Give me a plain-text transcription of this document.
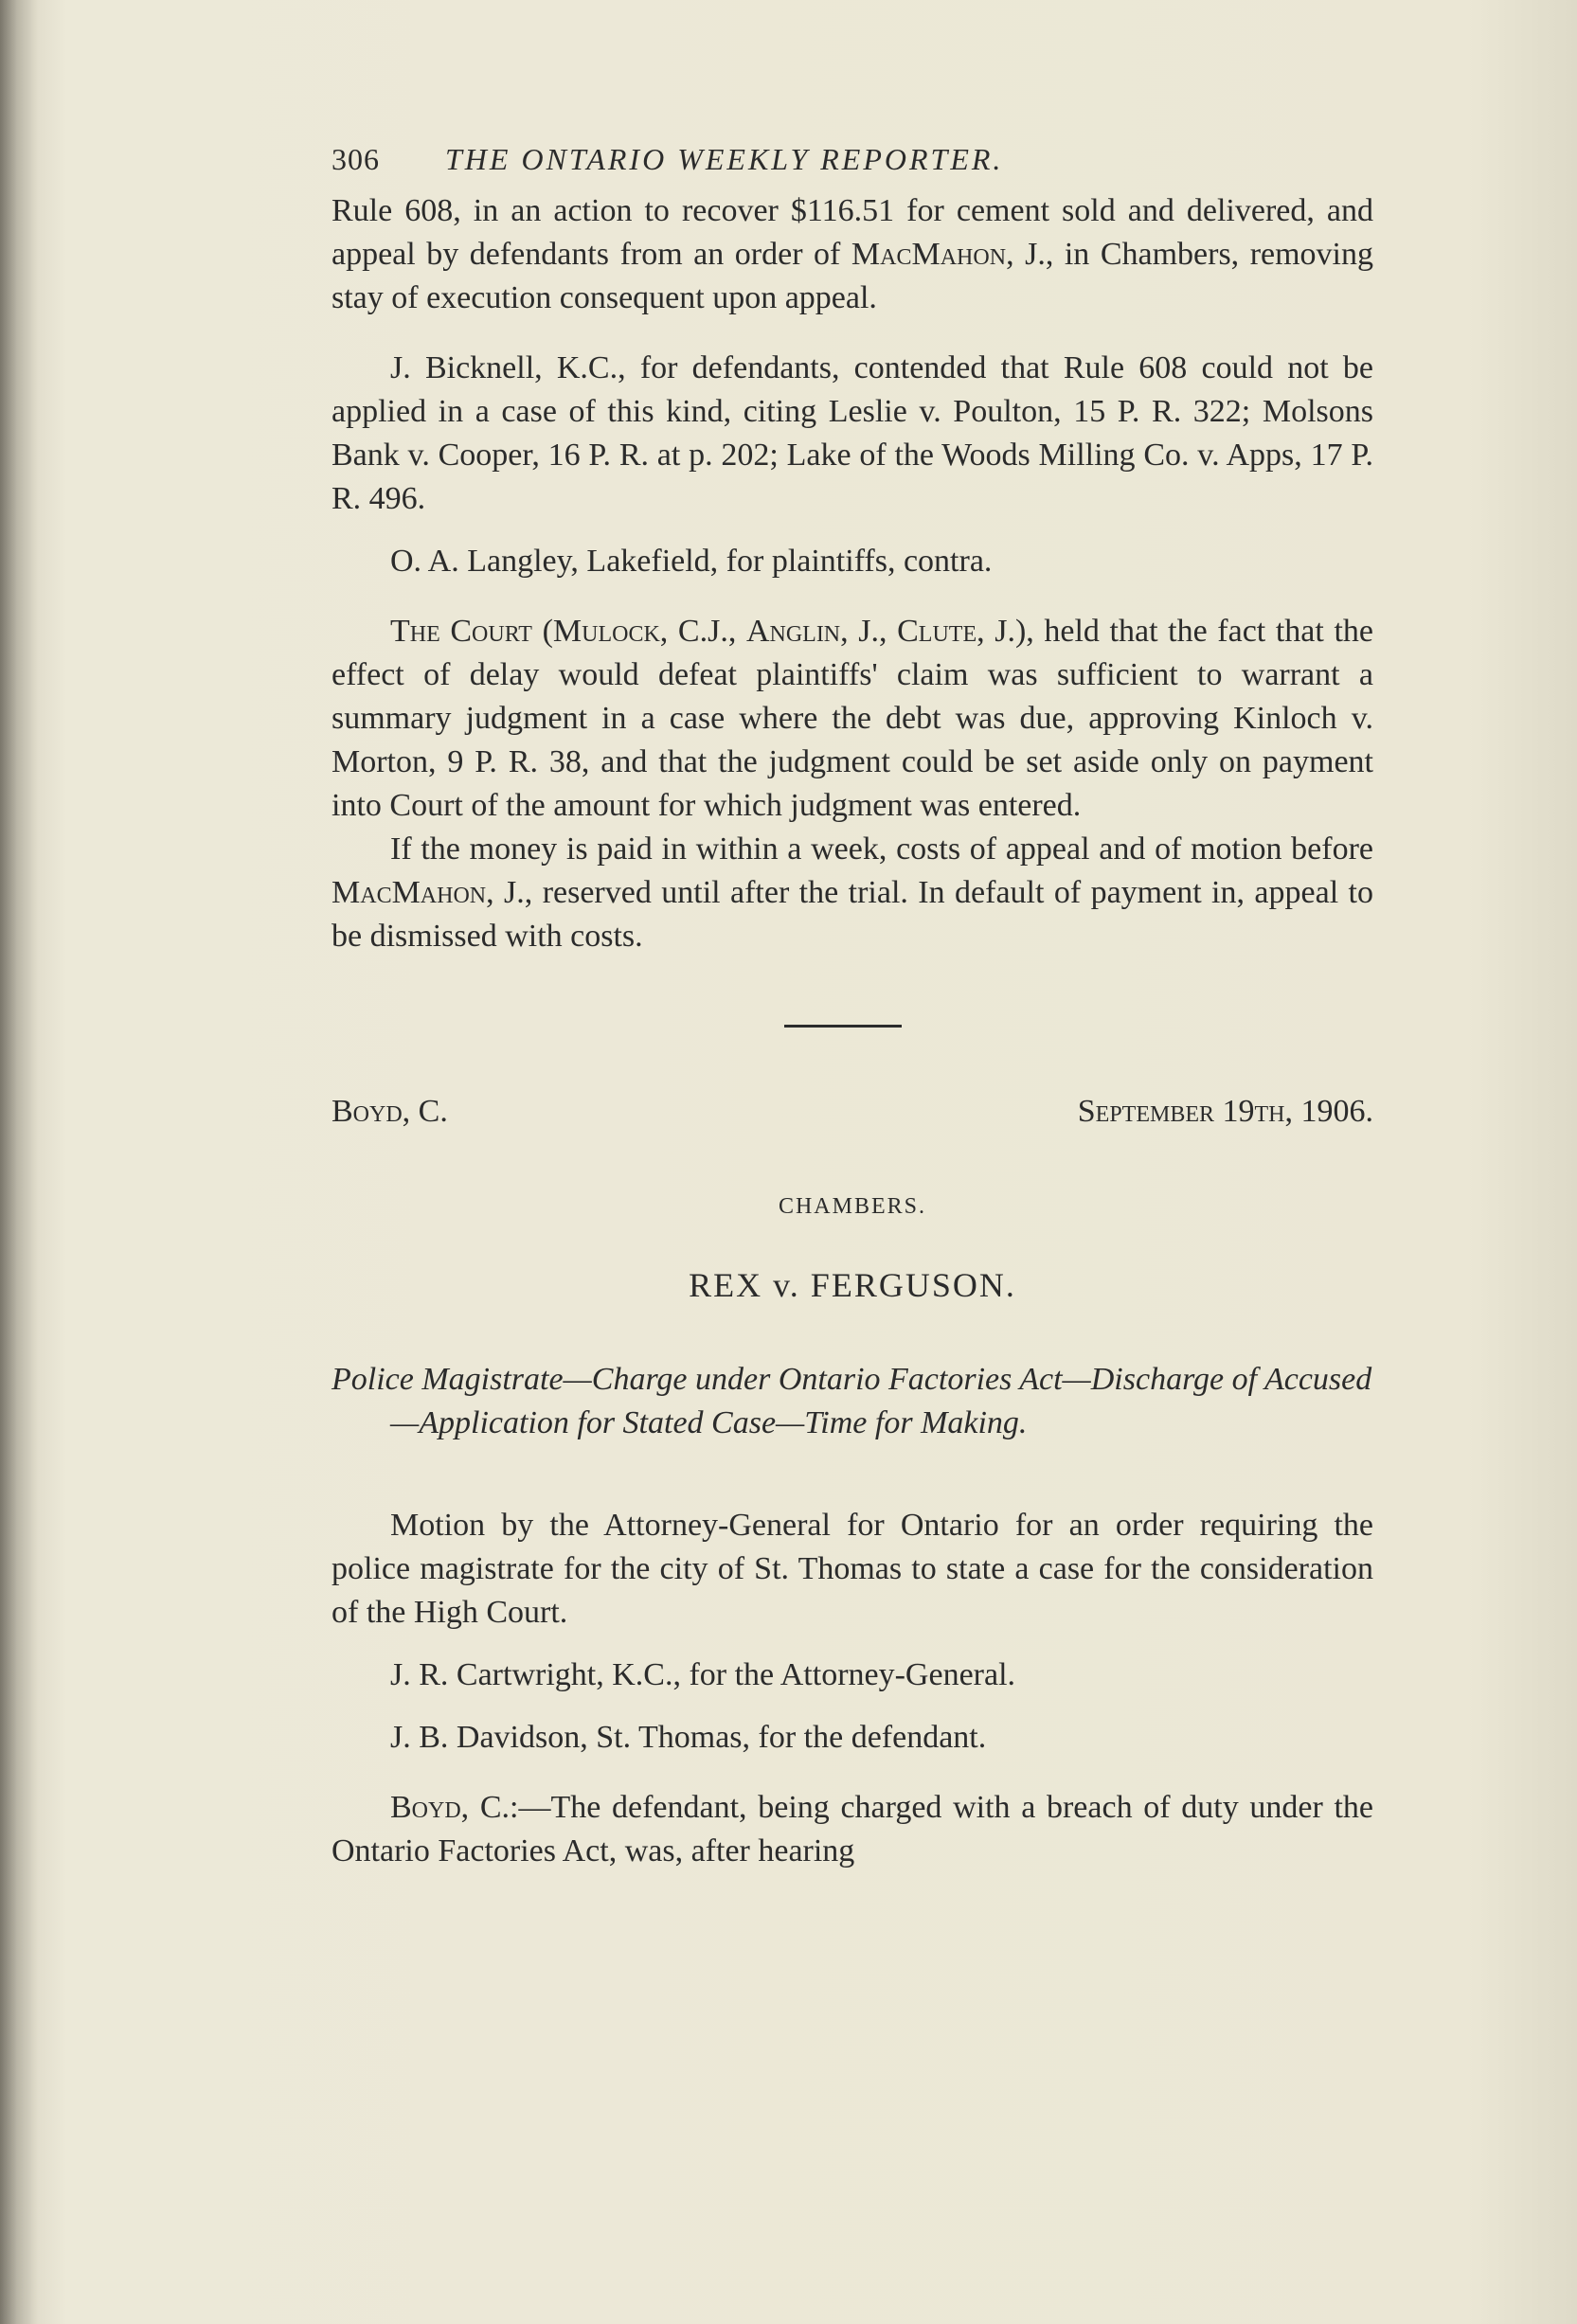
306	THE ONTARIO WEEKLY REPORTER.

Rule 608, in an action to recover $116.51 for cement sold and delivered, and appeal by defendants from an order of MacMahon, J., in Chambers, removing stay of execution consequent upon appeal.

J. Bicknell, K.C., for defendants, contended that Rule 608 could not be applied in a case of this kind, citing Leslie v. Poulton, 15 P. R. 322; Molsons Bank v. Cooper, 16 P. R. at p. 202; Lake of the Woods Milling Co. v. Apps, 17 P. R. 496.

O. A. Langley, Lakefield, for plaintiffs, contra.

The Court (Mulock, C.J., Anglin, J., Clute, J.), held that the fact that the effect of delay would defeat plaintiffs' claim was sufficient to warrant a summary judgment in a case where the debt was due, approving Kinloch v. Morton, 9 P. R. 38, and that the judgment could be set aside only on payment into Court of the amount for which judgment was entered.

If the money is paid in within a week, costs of appeal and of motion before MacMahon, J., reserved until after the trial. In default of payment in, appeal to be dismissed with costs.

Boyd, C.	September 19th, 1906.
CHAMBERS.
REX v. FERGUSON.

Police Magistrate—Charge under Ontario Factories Act—Discharge of Accused—Application for Stated Case—Time for Making.

Motion by the Attorney-General for Ontario for an order requiring the police magistrate for the city of St. Thomas to state a case for the consideration of the High Court.

J. R. Cartwright, K.C., for the Attorney-General.

J. B. Davidson, St. Thomas, for the defendant.

Boyd, C.:—The defendant, being charged with a breach of duty under the Ontario Factories Act, was, after hearing
